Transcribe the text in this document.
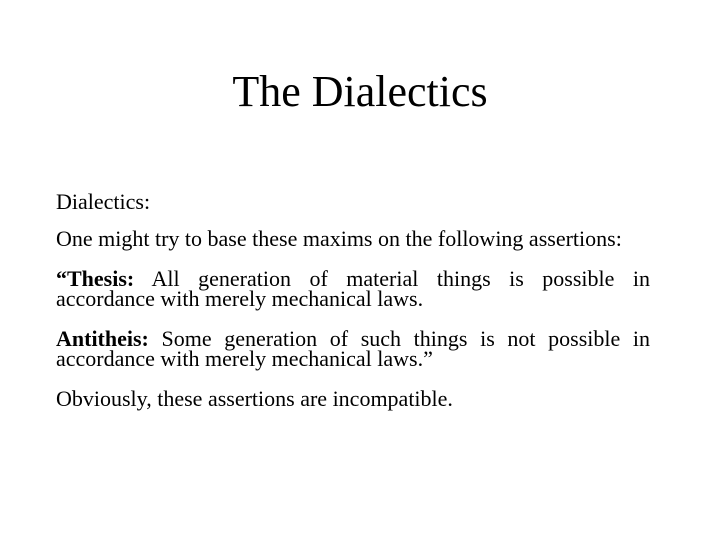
The Dialectics

Dialectics:

One might try to base these maxims on the following assertions:

“Thesis: All generation of material things is possible in accordance with merely mechanical laws.

Antitheis: Some generation of such things is not possible in accordance with merely mechanical laws.”

Obviously, these assertions are incompatible.
